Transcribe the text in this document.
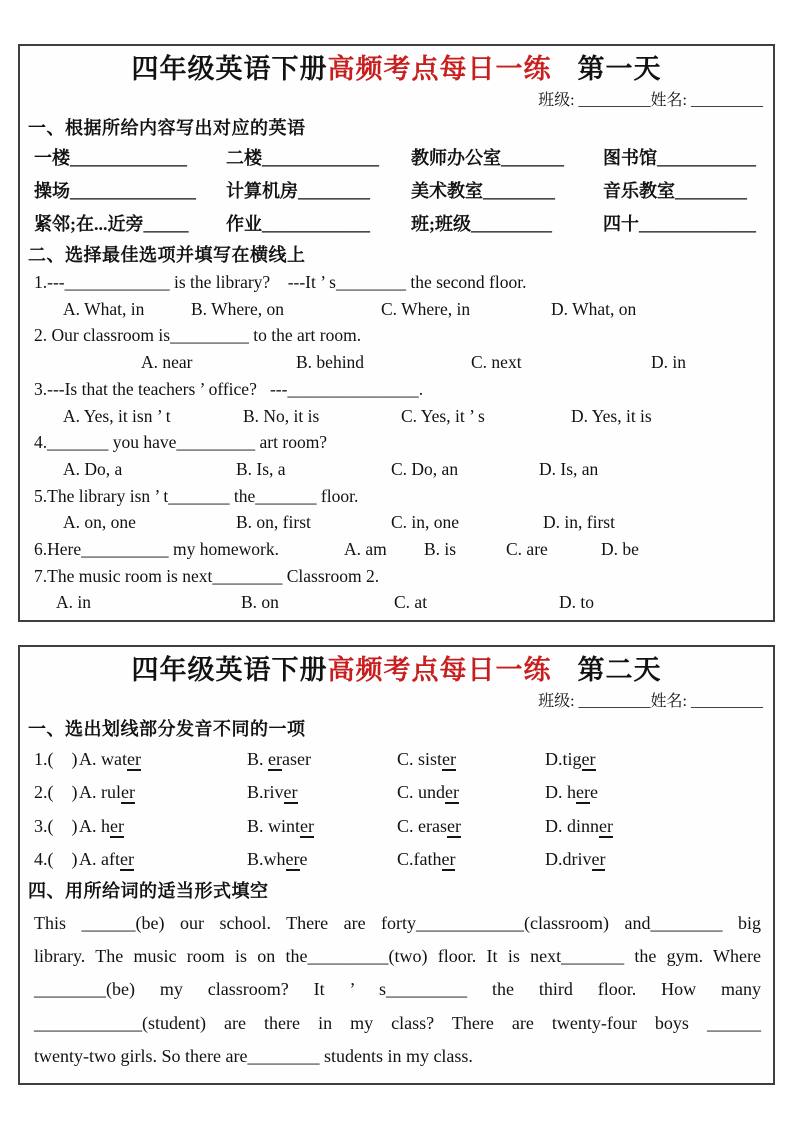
四年级英语下册高频考点每日一练 第一天
班级: _________姓名: _________
一、根据所给内容写出对应的英语
一楼_____________	二楼_____________	教师办公室_______	图书馆___________
操场______________	计算机房________	美术教室________	音乐教室________
紧邻;在...近旁_____	作业____________	班;班级_________	四十_____________
二、选择最佳选项并填写在横线上
1.---____________ is the library?    ---It ’ s________ the second floor.
A. What, in	B. Where, on	C. Where, in	D. What, on
2. Our classroom is_________ to the art room.
A. near	B. behind	C. next	D. in
3.---Is that the teachers ’ office?   ---_______________.
A. Yes, it isn ’ t	B. No, it is	C. Yes, it ’ s	D. Yes, it is
4._______ you have_________ art room?
A. Do, a	B. Is, a	C. Do, an	D. Is, an
5.The library isn ’ t_______ the_______ floor.
A. on, one	B. on, first	C. in, one	D. in, first
6.Here__________ my homework.	A. am	B. is	C. are	D. be
7.The music room is next________ Classroom 2.
A. in	B. on	C. at	D. to
四年级英语下册高频考点每日一练 第二天
班级: _________姓名: _________
一、选出划线部分发音不同的一项
1.(    ) A. water	B. eraser	C. sister	D.tiger
2.(    ) A. ruler	B.river	C. under	D. here
3.(    ) A. her	B. winter	C. eraser	D. dinner
4.(    ) A. after	B.where	C.father	D.driver
四、用所给词的适当形式填空
This ______(be) our school. There are forty____________(classroom) and________ big
library. The music room is on the_________(two) floor. It is next_______ the gym. Where
________(be) my classroom? It ’ s_________ the third floor. How many
____________(student) are there in my class? There are twenty-four boys ______
twenty-two girls. So there are________ students in my class.
